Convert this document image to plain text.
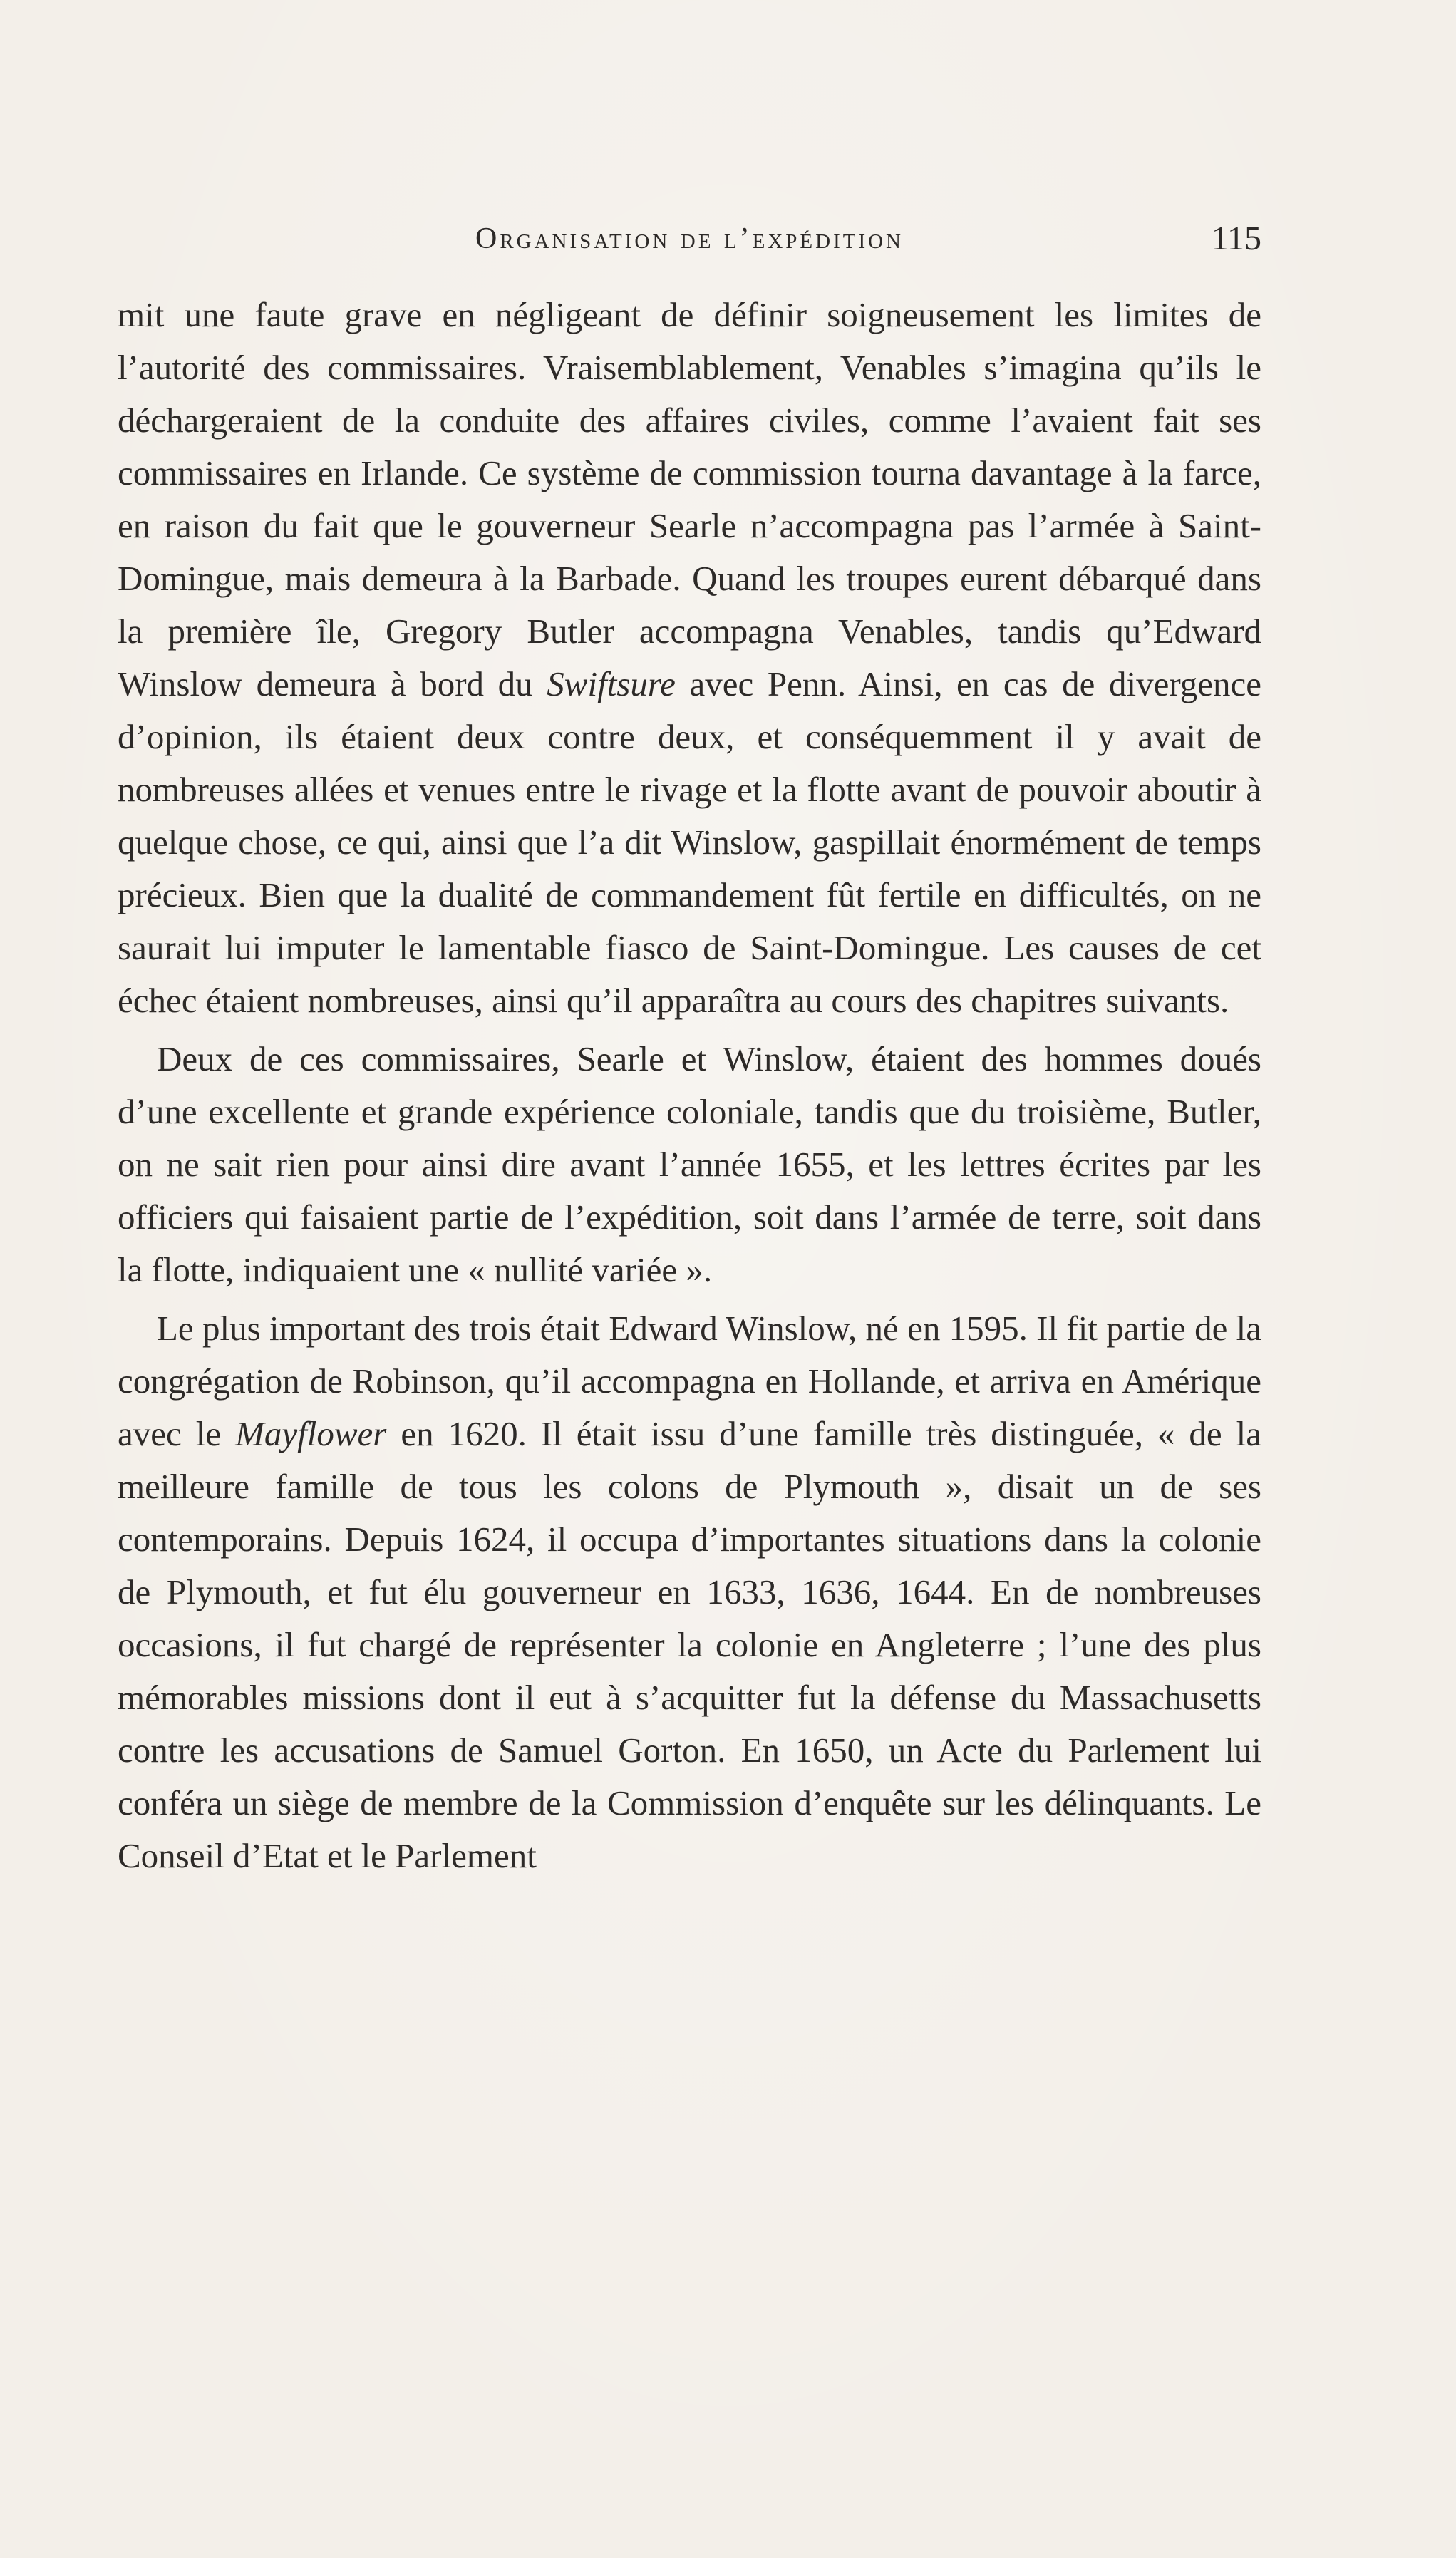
Organisation de l’expédition	115

mit une faute grave en négligeant de définir soigneusement les limites de l’autorité des commissaires. Vraisemblablement, Venables s’imagina qu’ils le déchargeraient de la conduite des affaires civiles, comme l’avaient fait ses commissaires en Irlande. Ce système de commission tourna davantage à la farce, en raison du fait que le gouverneur Searle n’accompagna pas l’armée à Saint-Domingue, mais demeura à la Barbade. Quand les troupes eurent débarqué dans la première île, Gregory Butler accompagna Venables, tandis qu’Edward Winslow demeura à bord du Swiftsure avec Penn. Ainsi, en cas de divergence d’opinion, ils étaient deux contre deux, et conséquemment il y avait de nombreuses allées et venues entre le rivage et la flotte avant de pouvoir aboutir à quelque chose, ce qui, ainsi que l’a dit Winslow, gaspillait énormément de temps précieux. Bien que la dualité de commandement fût fertile en difficultés, on ne saurait lui imputer le lamentable fiasco de Saint-Domingue. Les causes de cet échec étaient nombreuses, ainsi qu’il apparaîtra au cours des chapitres suivants.

Deux de ces commissaires, Searle et Winslow, étaient des hommes doués d’une excellente et grande expérience coloniale, tandis que du troisième, Butler, on ne sait rien pour ainsi dire avant l’année 1655, et les lettres écrites par les officiers qui faisaient partie de l’expédition, soit dans l’armée de terre, soit dans la flotte, indiquaient une « nullité variée ».

Le plus important des trois était Edward Winslow, né en 1595. Il fit partie de la congrégation de Robinson, qu’il accompagna en Hollande, et arriva en Amérique avec le Mayflower en 1620. Il était issu d’une famille très distinguée, « de la meilleure famille de tous les colons de Plymouth », disait un de ses contemporains. Depuis 1624, il occupa d’importantes situations dans la colonie de Plymouth, et fut élu gouverneur en 1633, 1636, 1644. En de nombreuses occasions, il fut chargé de représenter la colonie en Angleterre ; l’une des plus mémorables missions dont il eut à s’acquitter fut la défense du Massachusetts contre les accusations de Samuel Gorton. En 1650, un Acte du Parlement lui conféra un siège de membre de la Commission d’enquête sur les délinquants. Le Conseil d’Etat et le Parlement
